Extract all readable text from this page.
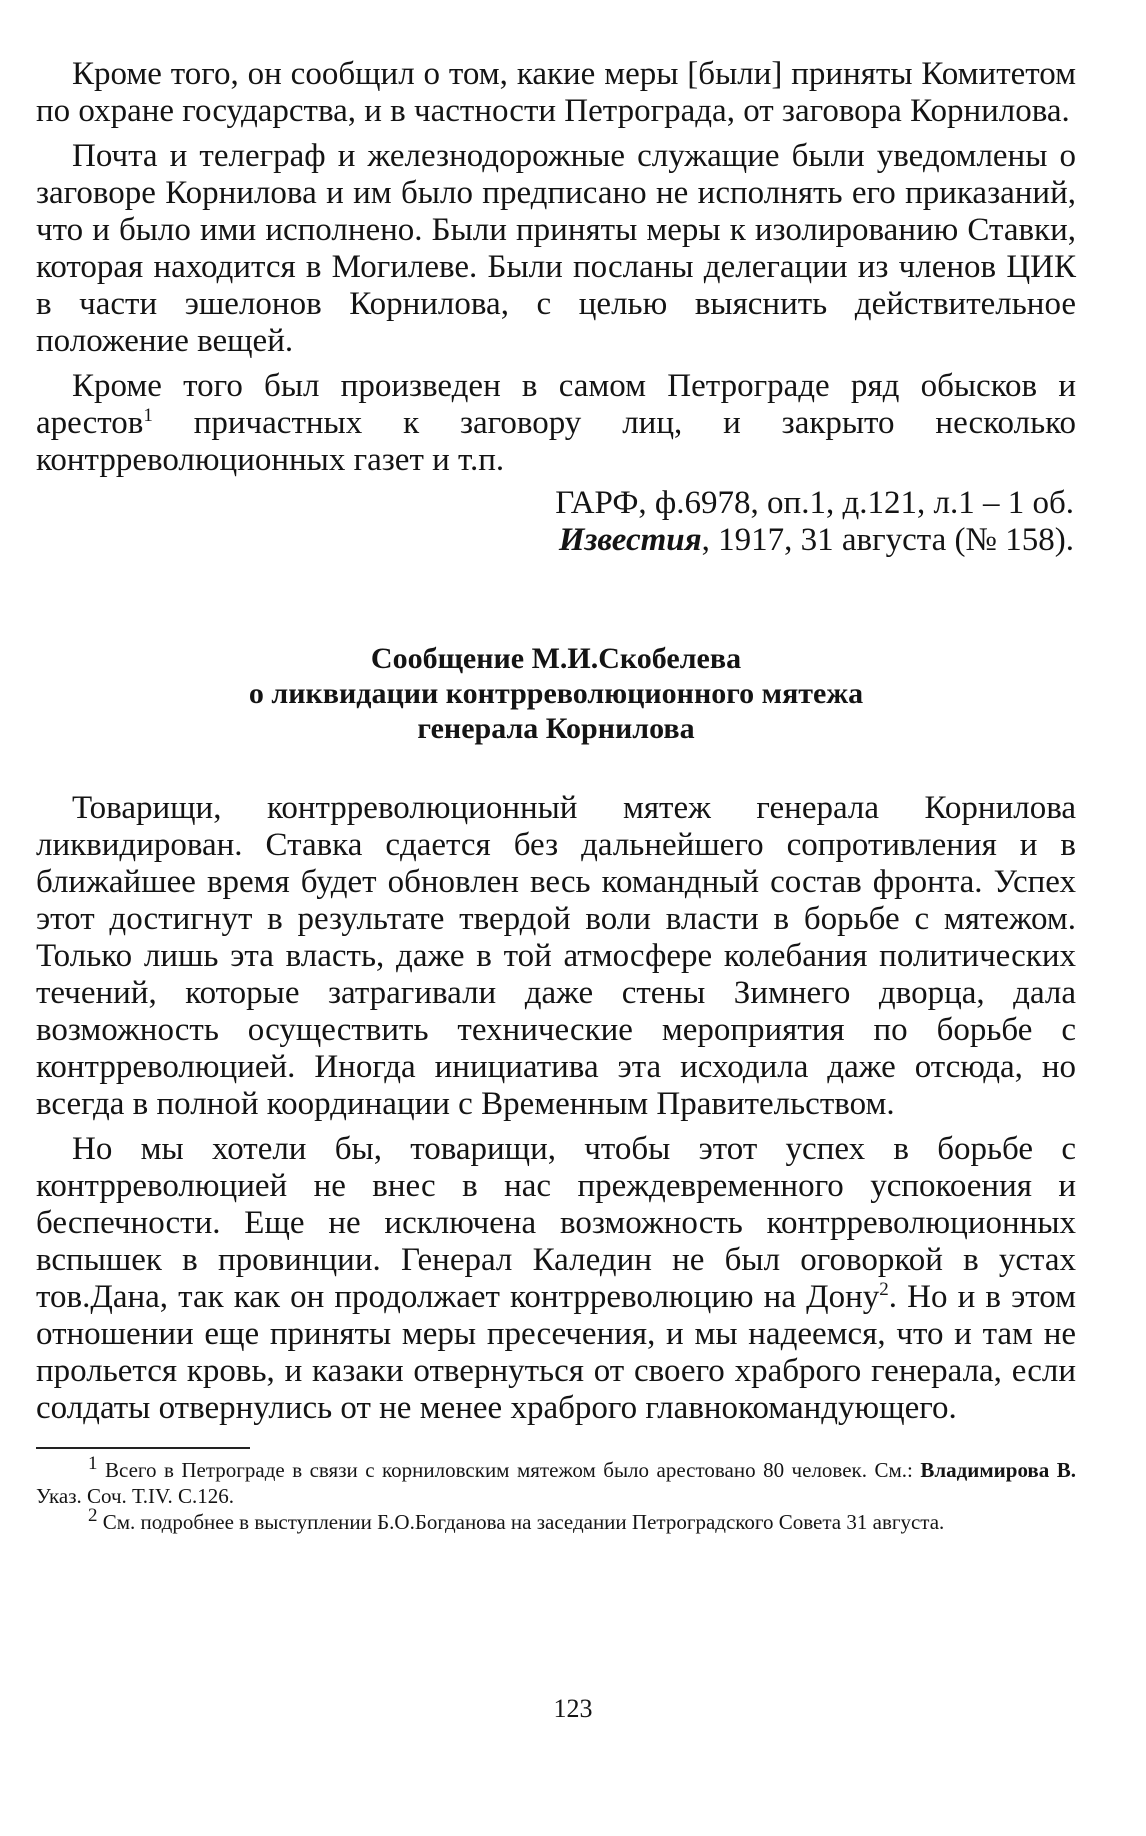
Кроме того, он сообщил о том, какие меры [были] приняты Комитетом по охране государства, и в частности Петрограда, от заговора Корнилова.

Почта и телеграф и железнодорожные служащие были уведомлены о заговоре Корнилова и им было предписано не исполнять его приказаний, что и было ими исполнено. Были приняты меры к изолированию Ставки, которая находится в Могилеве. Были посланы делегации из членов ЦИК в части эшелонов Корнилова, с целью выяснить действительное положение вещей.

Кроме того был произведен в самом Петрограде ряд обысков и арестов$^1$ причастных к заговору лиц, и закрыто несколько контрреволюционных газет и т.п.

ГАРФ, ф.6978, оп.1, д.121, л.1 – 1 об.
Известия, 1917, 31 августа (№ 158).
Сообщение М.И.Скобелева
о ликвидации контрреволюционного мятежа
генерала Корнилова

Товарищи, контрреволюционный мятеж генерала Корнилова ликвидирован. Ставка сдается без дальнейшего сопротивления и в ближайшее время будет обновлен весь командный состав фронта. Успех этот достигнут в результате твердой воли власти в борьбе с мятежом. Только лишь эта власть, даже в той атмосфере колебания политических течений, которые затрагивали даже стены Зимнего дворца, дала возможность осуществить технические мероприятия по борьбе с контрреволюцией. Иногда инициатива эта исходила даже отсюда, но всегда в полной координации с Временным Правительством.

Но мы хотели бы, товарищи, чтобы этот успех в борьбе с контрреволюцией не внес в нас преждевременного успокоения и беспечности. Еще не исключена возможность контрреволюционных вспышек в провинции. Генерал Каледин не был оговоркой в устах тов.Дана, так как он продолжает контрреволюцию на Дону$^2$. Но и в этом отношении еще приняты меры пресечения, и мы надеемся, что и там не прольется кровь, и казаки отвернуться от своего храброго генерала, если солдаты отвернулись от не менее храброго главнокомандующего.

$^1$ Всего в Петрограде в связи с корниловским мятежом было арестовано 80 человек. См.: Владимирова В. Указ. Соч. Т.IV. С.126.

$^2$ См. подробнее в выступлении Б.О.Богданова на заседании Петроградского Совета 31 августа.

123
